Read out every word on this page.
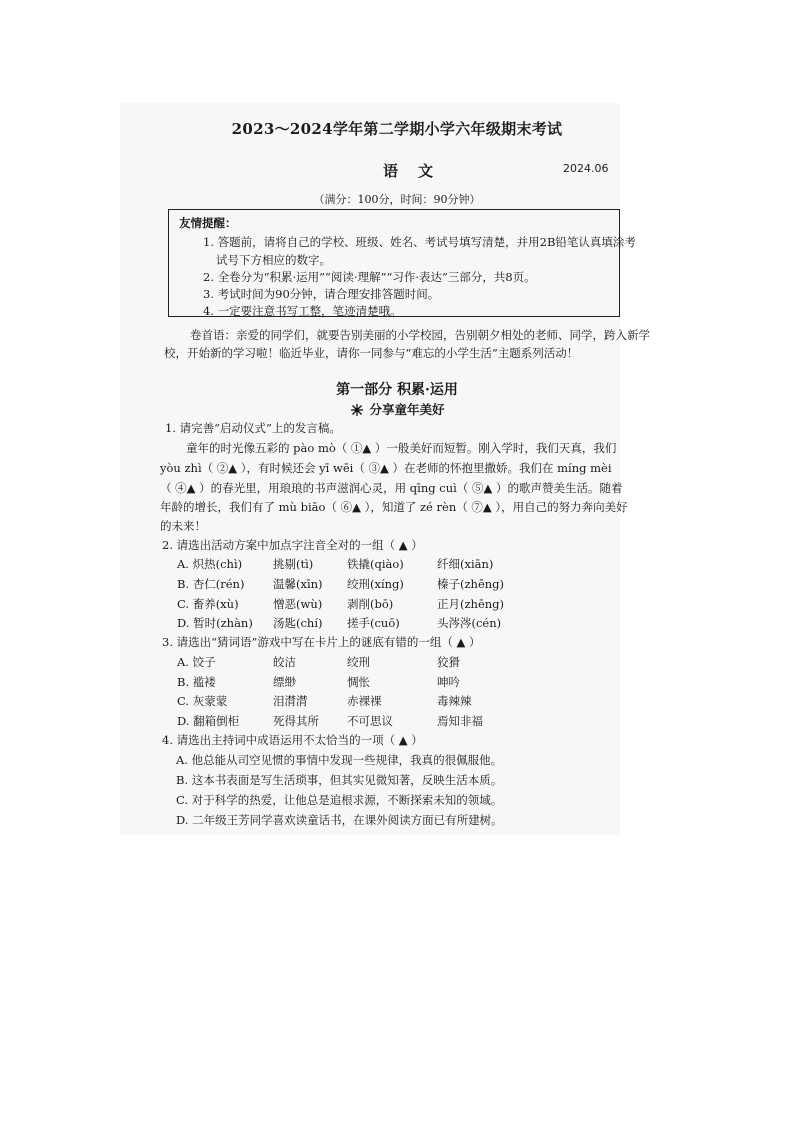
2023～2024学年第二学期小学六年级期末考试
语文	2024.06
（满分：100分，时间：90分钟）
友情提醒：
1. 答题前，请将自己的学校、班级、姓名、考试号填写清楚，并用2B铅笔认真填涂考
试号下方相应的数字。
2. 全卷分为“积累·运用”“阅读·理解”“习作·表达”三部分，共8页。
3. 考试时间为90分钟，请合理安排答题时间。
4. 一定要注意书写工整，笔迹清楚哦。
卷首语：亲爱的同学们，就要告别美丽的小学校园，告别朝夕相处的老师、同学，跨入新学
校，开始新的学习啦！临近毕业，请你一同参与“难忘的小学生活”主题系列活动！
第一部分 积累·运用
分享童年美好
1. 请完善“启动仪式”上的发言稿。
童年的时光像五彩的 pào mò（ ①▲ ）一般美好而短暂。刚入学时，我们天真，我们
yòu zhì（ ②▲ ），有时候还会 yī wēi（ ③▲ ）在老师的怀抱里撒娇。我们在 míng mèi
（ ④▲ ）的春光里，用琅琅的书声滋润心灵，用 qīng cuì（ ⑤▲ ）的歌声赞美生活。随着
年龄的增长，我们有了 mù biāo（ ⑥▲ ），知道了 zé rèn（ ⑦▲ ），用自己的努力奔向美好
的未来！
2. 请选出活动方案中加点字注音全对的一组（ ▲ ）
A. 炽热(chì)	挑剔(tì)	铁撬(qiào)	纤细(xiān)
B. 杏仁(rén) 温馨(xīn) 绞刑(xíng)	榛子(zhēng)
C. 畜养(xù)	憎恶(wù) 剥削(bō)	正月(zhēng)
D. 暂时(zhàn) 汤匙(chí) 搓手(cuō)	头涔涔(cén)
3. 请选出“猜词语”游戏中写在卡片上的谜底有错的一组（ ▲ ）
A. 饺子	皎洁	绞刑	狡猾
B. 褴褛	缥缈	惆怅	呻吟
C. 灰蒙蒙	泪潸潸	赤裸裸	毒辣辣
D. 翻箱倒柜	死得其所 不可思议	焉知非福
4. 请选出主持词中成语运用不太恰当的一项（ ▲ ）
A. 他总能从司空见惯的事情中发现一些规律，我真的很佩服他。
B. 这本书表面是写生活琐事，但其实见微知著，反映生活本质。
C. 对于科学的热爱，让他总是追根求源，不断探索未知的领域。
D. 二年级王芳同学喜欢读童话书，在课外阅读方面已有所建树。
